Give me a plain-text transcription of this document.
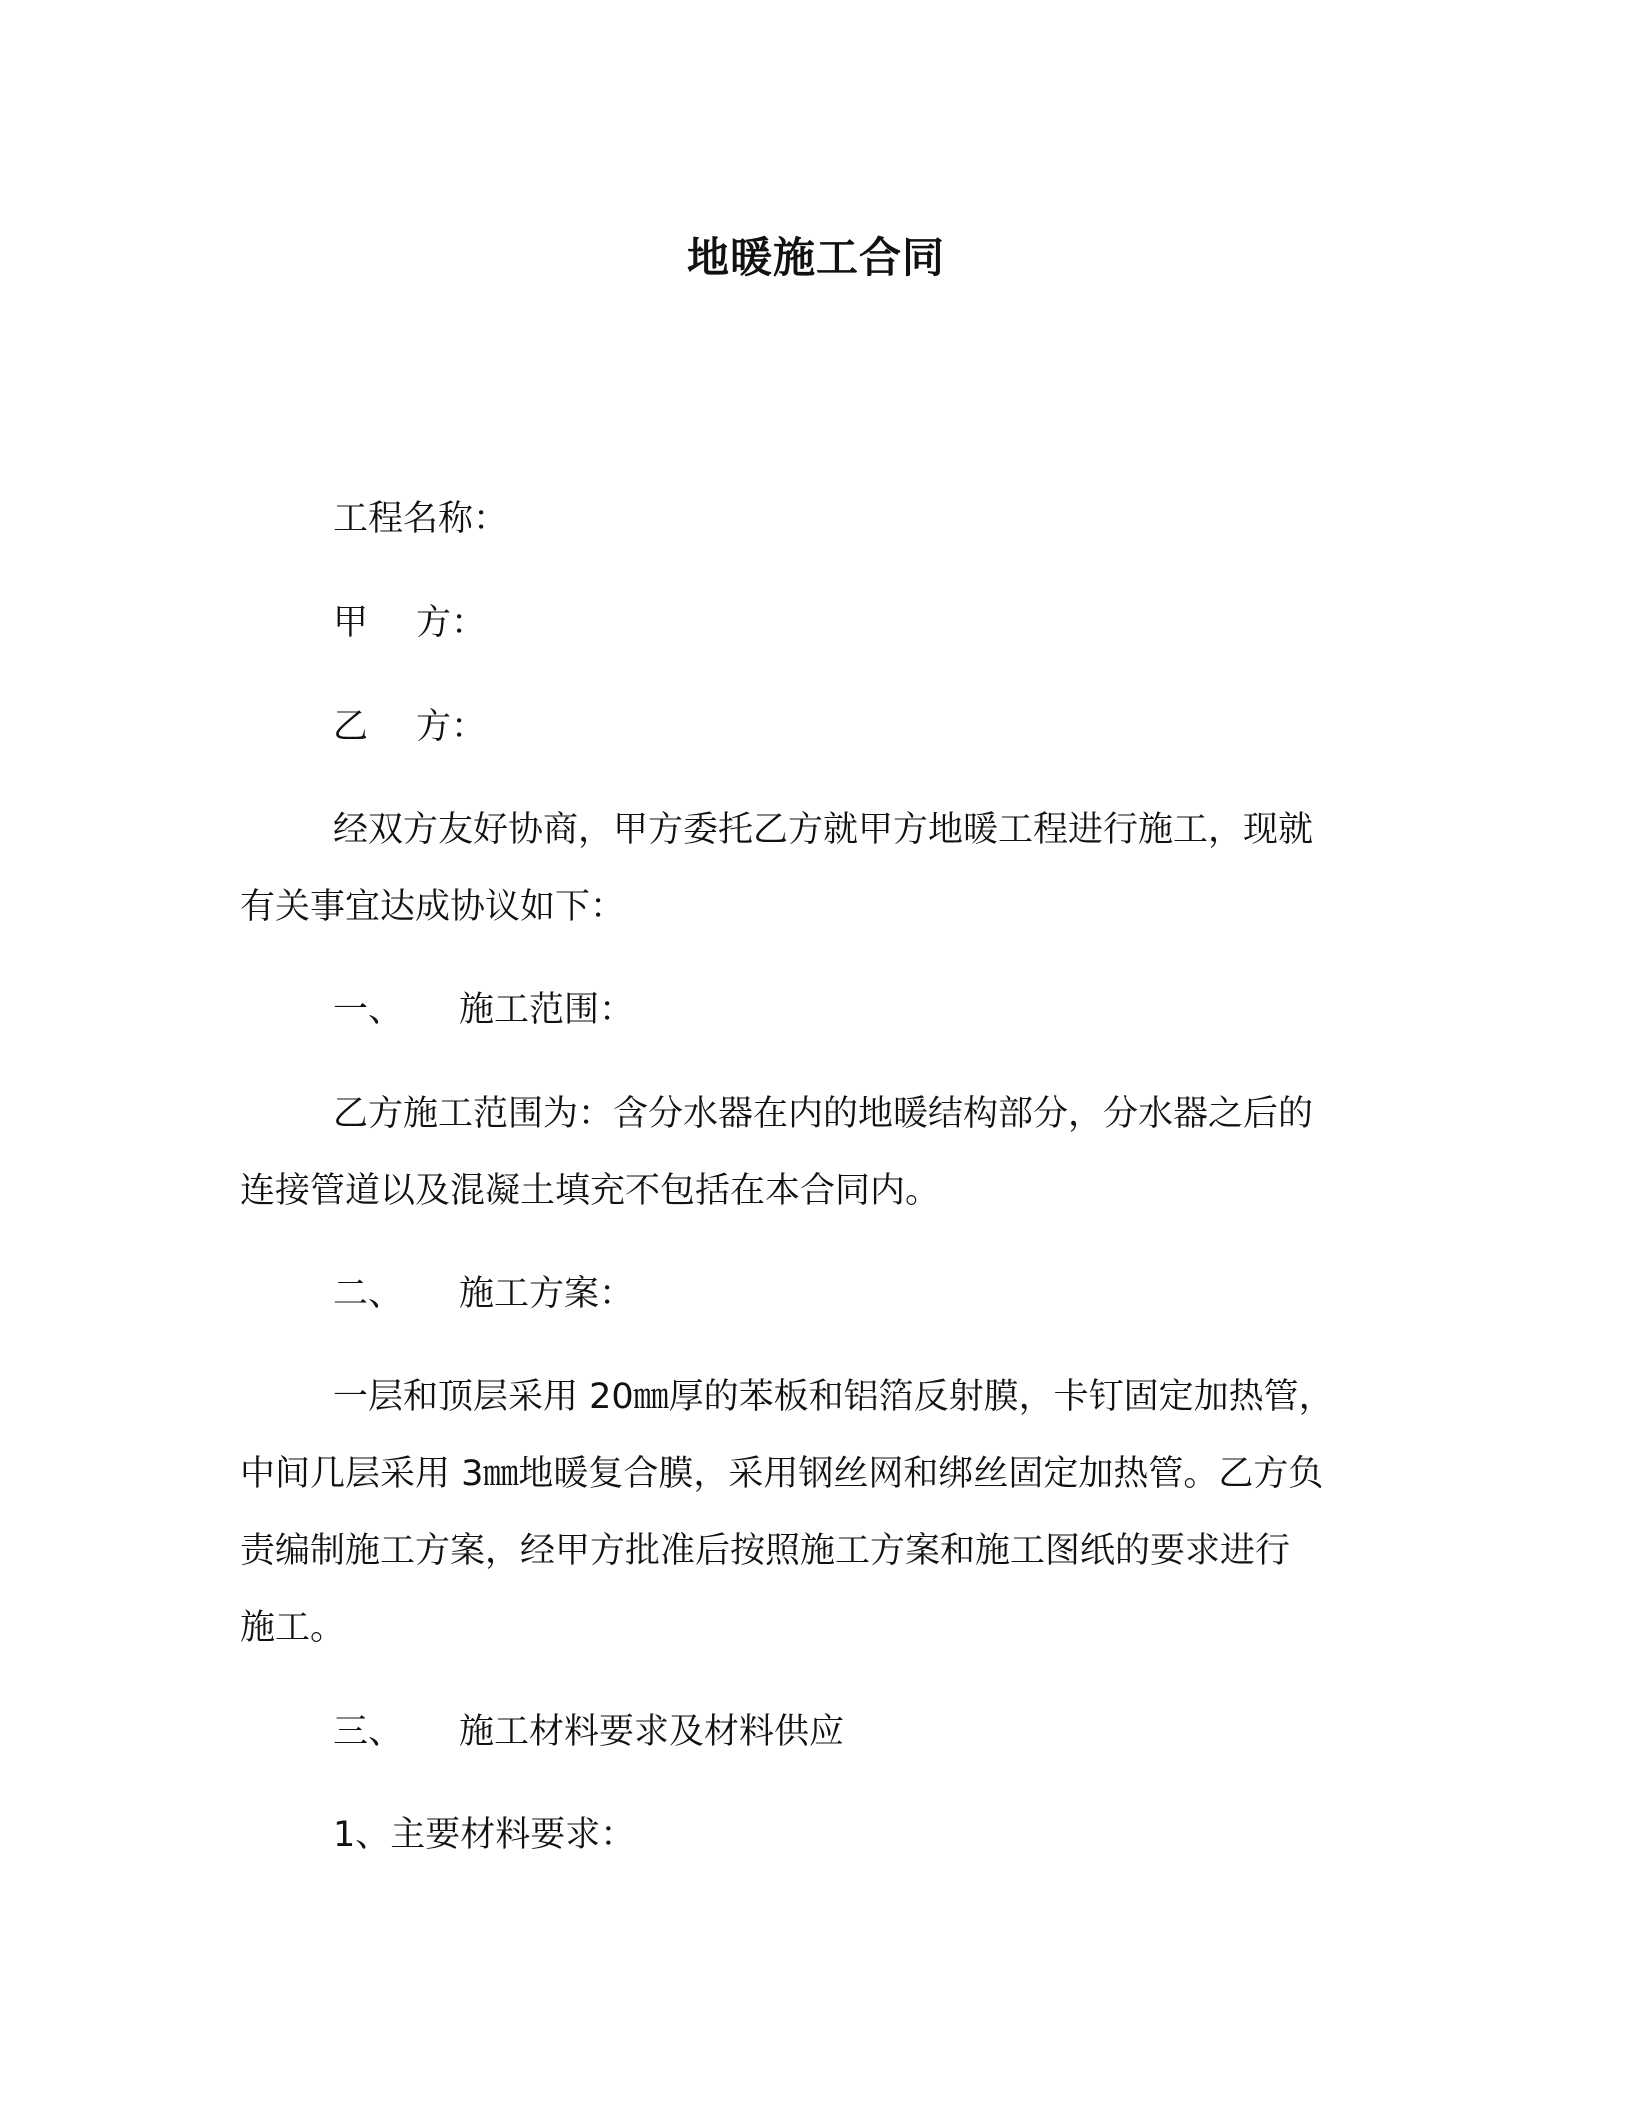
地暖施工合同
工程名称：
甲 方：
乙 方：
经双方友好协商，甲方委托乙方就甲方地暖工程进行施工，现就
有关事宜达成协议如下：
一、 施工范围：
乙方施工范围为：含分水器在内的地暖结构部分，分水器之后的
连接管道以及混凝土填充不包括在本合同内。
二、 施工方案：
一层和顶层采用 20㎜厚的苯板和铝箔反射膜，卡钉固定加热管，
中间几层采用 3㎜地暖复合膜，采用钢丝网和绑丝固定加热管。乙方负
责编制施工方案，经甲方批准后按照施工方案和施工图纸的要求进行
施工。
三、 施工材料要求及材料供应
1、主要材料要求：
